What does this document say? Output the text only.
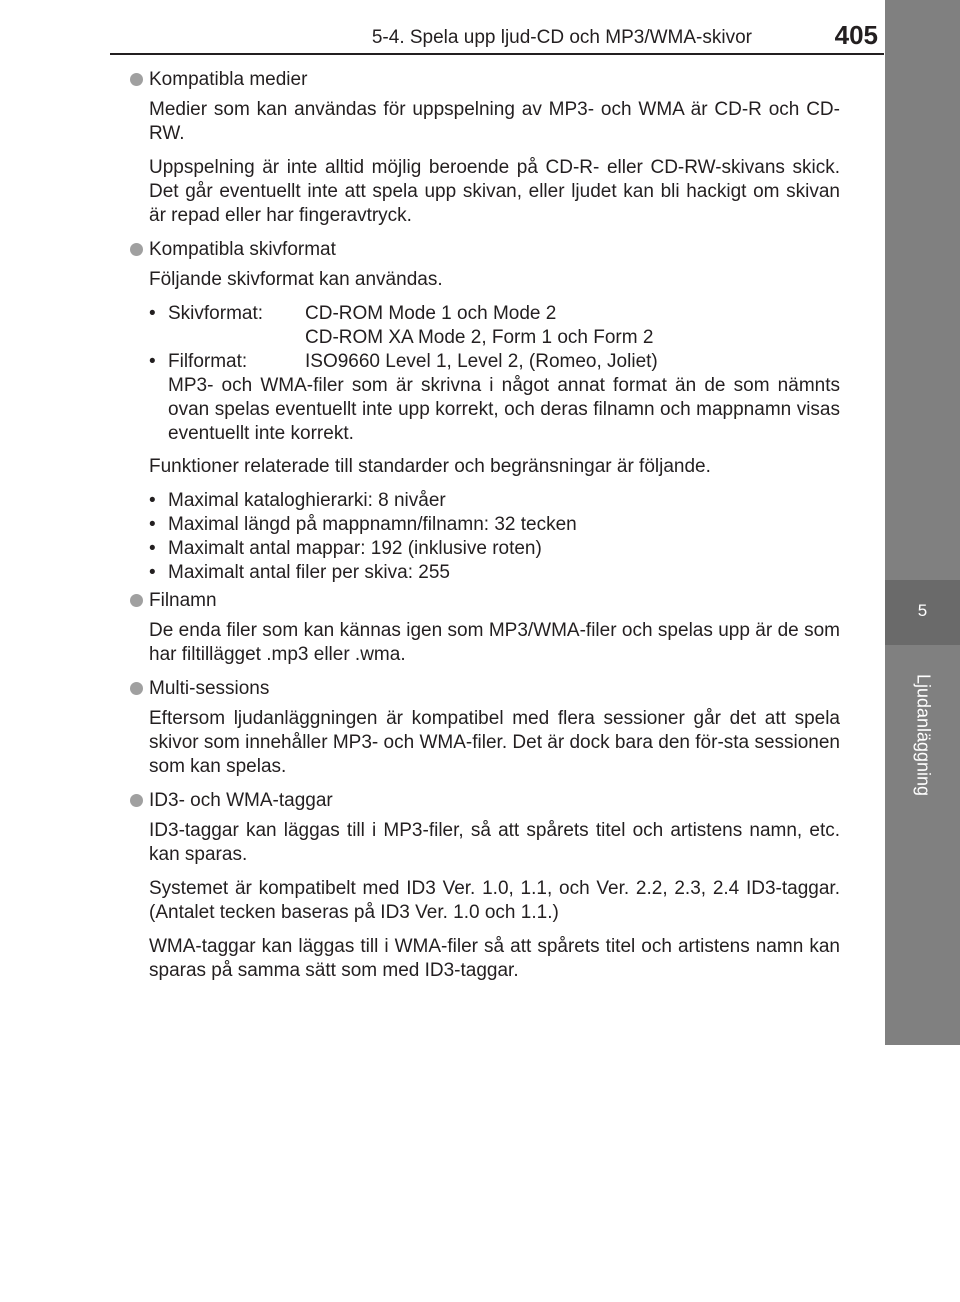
5-4. Spela upp ljud-CD och MP3/WMA-skivor	405
5
Ljudanläggning
Kompatibla medier
Medier som kan användas för uppspelning av MP3- och WMA är CD-R och CD-RW.
Uppspelning är inte alltid möjlig beroende på CD-R- eller CD-RW-skivans skick. Det går eventuellt inte att spela upp skivan, eller ljudet kan bli hackigt om skivan är repad eller har fingeravtryck.
Kompatibla skivformat
Följande skivformat kan användas.
• Skivformat:	CD-ROM Mode 1 och Mode 2
CD-ROM XA Mode 2, Form 1 och Form 2
• Filformat:	ISO9660 Level 1, Level 2, (Romeo, Joliet)
MP3- och WMA-filer som är skrivna i något annat format än de som nämnts ovan spelas eventuellt inte upp korrekt, och deras filnamn och mappnamn visas eventuellt inte korrekt.
Funktioner relaterade till standarder och begränsningar är följande.
• Maximal kataloghierarki: 8 nivåer
• Maximal längd på mappnamn/filnamn: 32 tecken
• Maximalt antal mappar: 192 (inklusive roten)
• Maximalt antal filer per skiva: 255
Filnamn
De enda filer som kan kännas igen som MP3/WMA-filer och spelas upp är de som har filtillägget .mp3 eller .wma.
Multi-sessions
Eftersom ljudanläggningen är kompatibel med flera sessioner går det att spela skivor som innehåller MP3- och WMA-filer. Det är dock bara den för-sta sessionen som kan spelas.
ID3- och WMA-taggar
ID3-taggar kan läggas till i MP3-filer, så att spårets titel och artistens namn, etc. kan sparas.
Systemet är kompatibelt med ID3 Ver. 1.0, 1.1, och Ver. 2.2, 2.3, 2.4 ID3-taggar. (Antalet tecken baseras på ID3 Ver. 1.0 och 1.1.)
WMA-taggar kan läggas till i WMA-filer så att spårets titel och artistens namn kan sparas på samma sätt som med ID3-taggar.
